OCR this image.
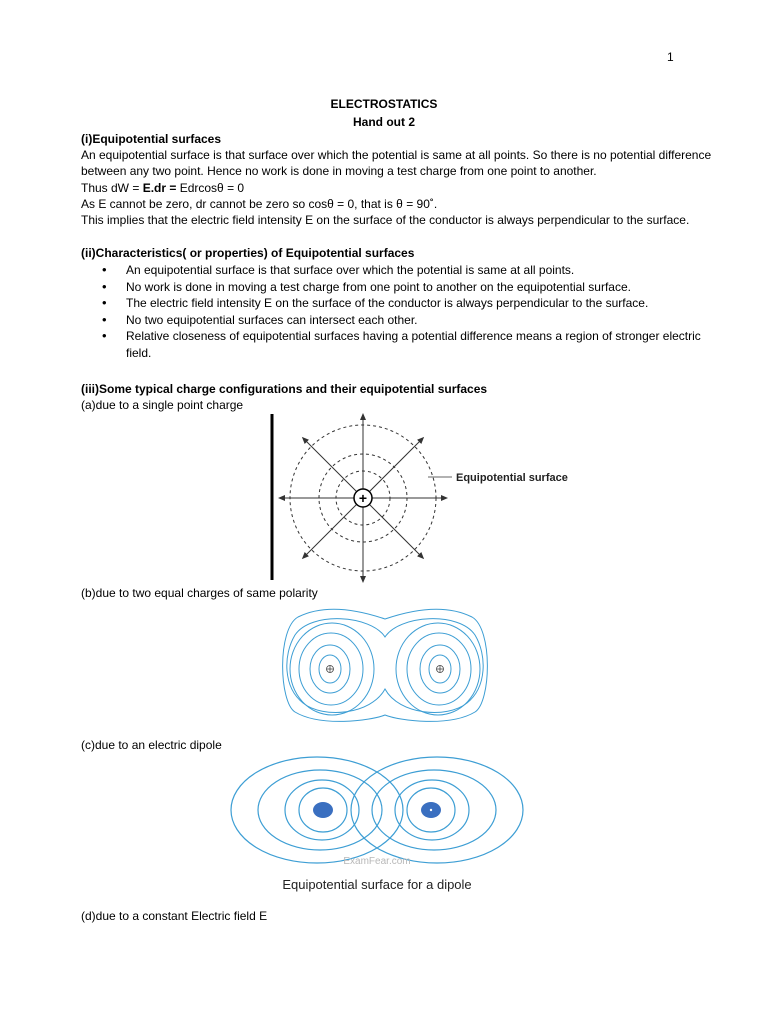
1
ELECTROSTATICS
Hand out 2
(i)Equipotential surfaces
An equipotential surface is that surface over which the potential is same at all points. So there is no potential difference
between any two point. Hence no work is done in moving a test charge from one point to another.
Thus dW = E.dr = Edrcosθ = 0
As E cannot be zero, dr cannot be zero so cosθ = 0, that is θ = 90˚.
This implies that the electric field intensity E on the surface of the conductor is always perpendicular to the surface.
(ii)Characteristics( or properties) of Equipotential surfaces
• An equipotential surface is that surface over which the potential is same at all points.
• No work is done in moving a test charge from one point to another on the equipotential surface.
• The electric field intensity E on the surface of the conductor is always perpendicular to the surface.
• No two equipotential surfaces can intersect each other.
• Relative closeness of equipotential surfaces having a potential difference means a region of stronger electric field.
(iii)Some typical charge configurations and their equipotential surfaces
(a)due to a single point charge
+
Equipotential surface
(b)due to two equal charges of same polarity
(c)due to an electric dipole
ExamFear.com
Equipotential surface for a dipole
(d)due to a constant Electric field E
